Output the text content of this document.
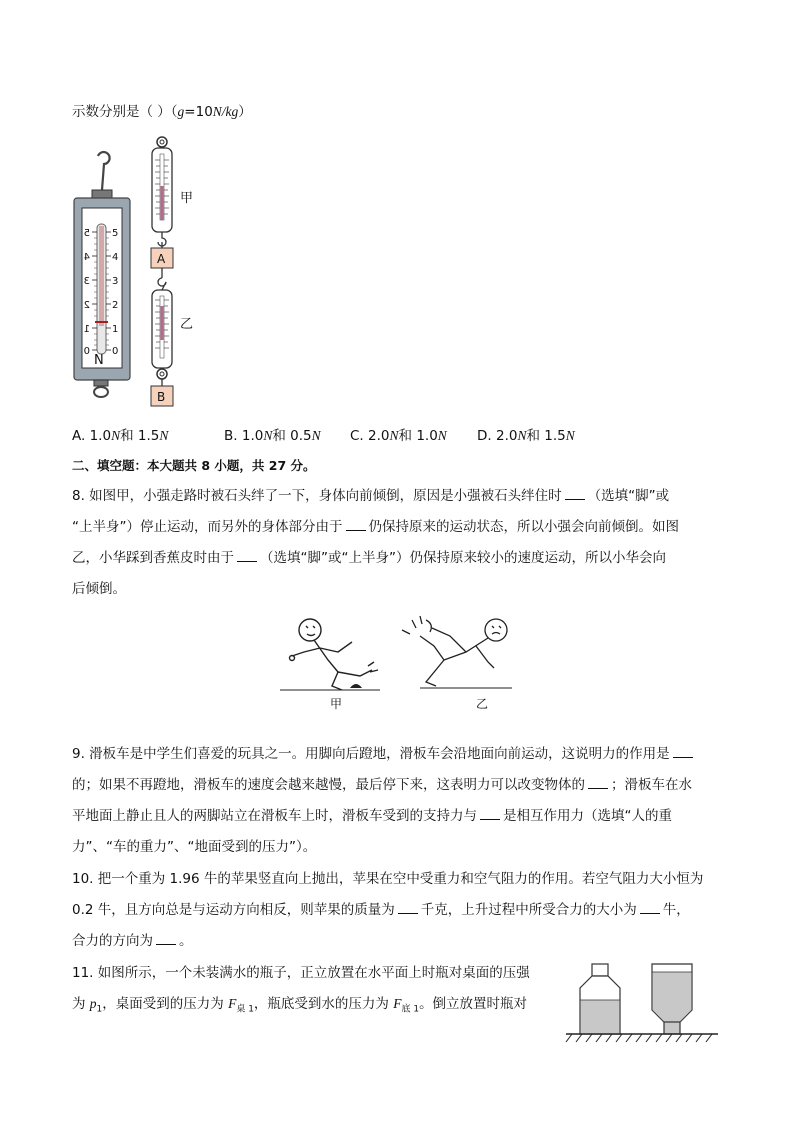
示数分别是（ ）（g=10N/kg）
5
4
3
2
1
0
5
4
3
2
1
0
N
甲
A
乙
B
A. 1.0N和 1.5N	B. 1.0N和 0.5N C. 2.0N和 1.0N D. 2.0N和 1.5N
二、填空题：本大题共 8 小题，共 27 分。
8. 如图甲，小强走路时被石头绊了一下，身体向前倾倒，原因是小强被石头绊住时 （选填“脚”或
“上半身”）停止运动，而另外的身体部分由于 仍保持原来的运动状态，所以小强会向前倾倒。如图
乙，小华踩到香蕉皮时由于 （选填“脚”或“上半身”）仍保持原来较小的速度运动，所以小华会向
后倾倒。
甲	乙
9. 滑板车是中学生们喜爱的玩具之一。用脚向后蹬地，滑板车会沿地面向前运动，这说明力的作用是
的；如果不再蹬地，滑板车的速度会越来越慢，最后停下来，这表明力可以改变物体的 ；滑板车在水
平地面上静止且人的两脚站立在滑板车上时，滑板车受到的支持力与 是相互作用力（选填“人的重
力”、“车的重力”、“地面受到的压力”）。
10. 把一个重为 1.96 牛的苹果竖直向上抛出，苹果在空中受重力和空气阻力的作用。若空气阻力大小恒为
0.2 牛，且方向总是与运动方向相反，则苹果的质量为 千克，上升过程中所受合力的大小为 牛，
合力的方向为 。
11. 如图所示，一个未装满水的瓶子，正立放置在水平面上时瓶对桌面的压强
为 $p_1$，桌面受到的压力为 $F_{桌 1}$，瓶底受到水的压力为 $F_{底 1}$。倒立放置时瓶对
